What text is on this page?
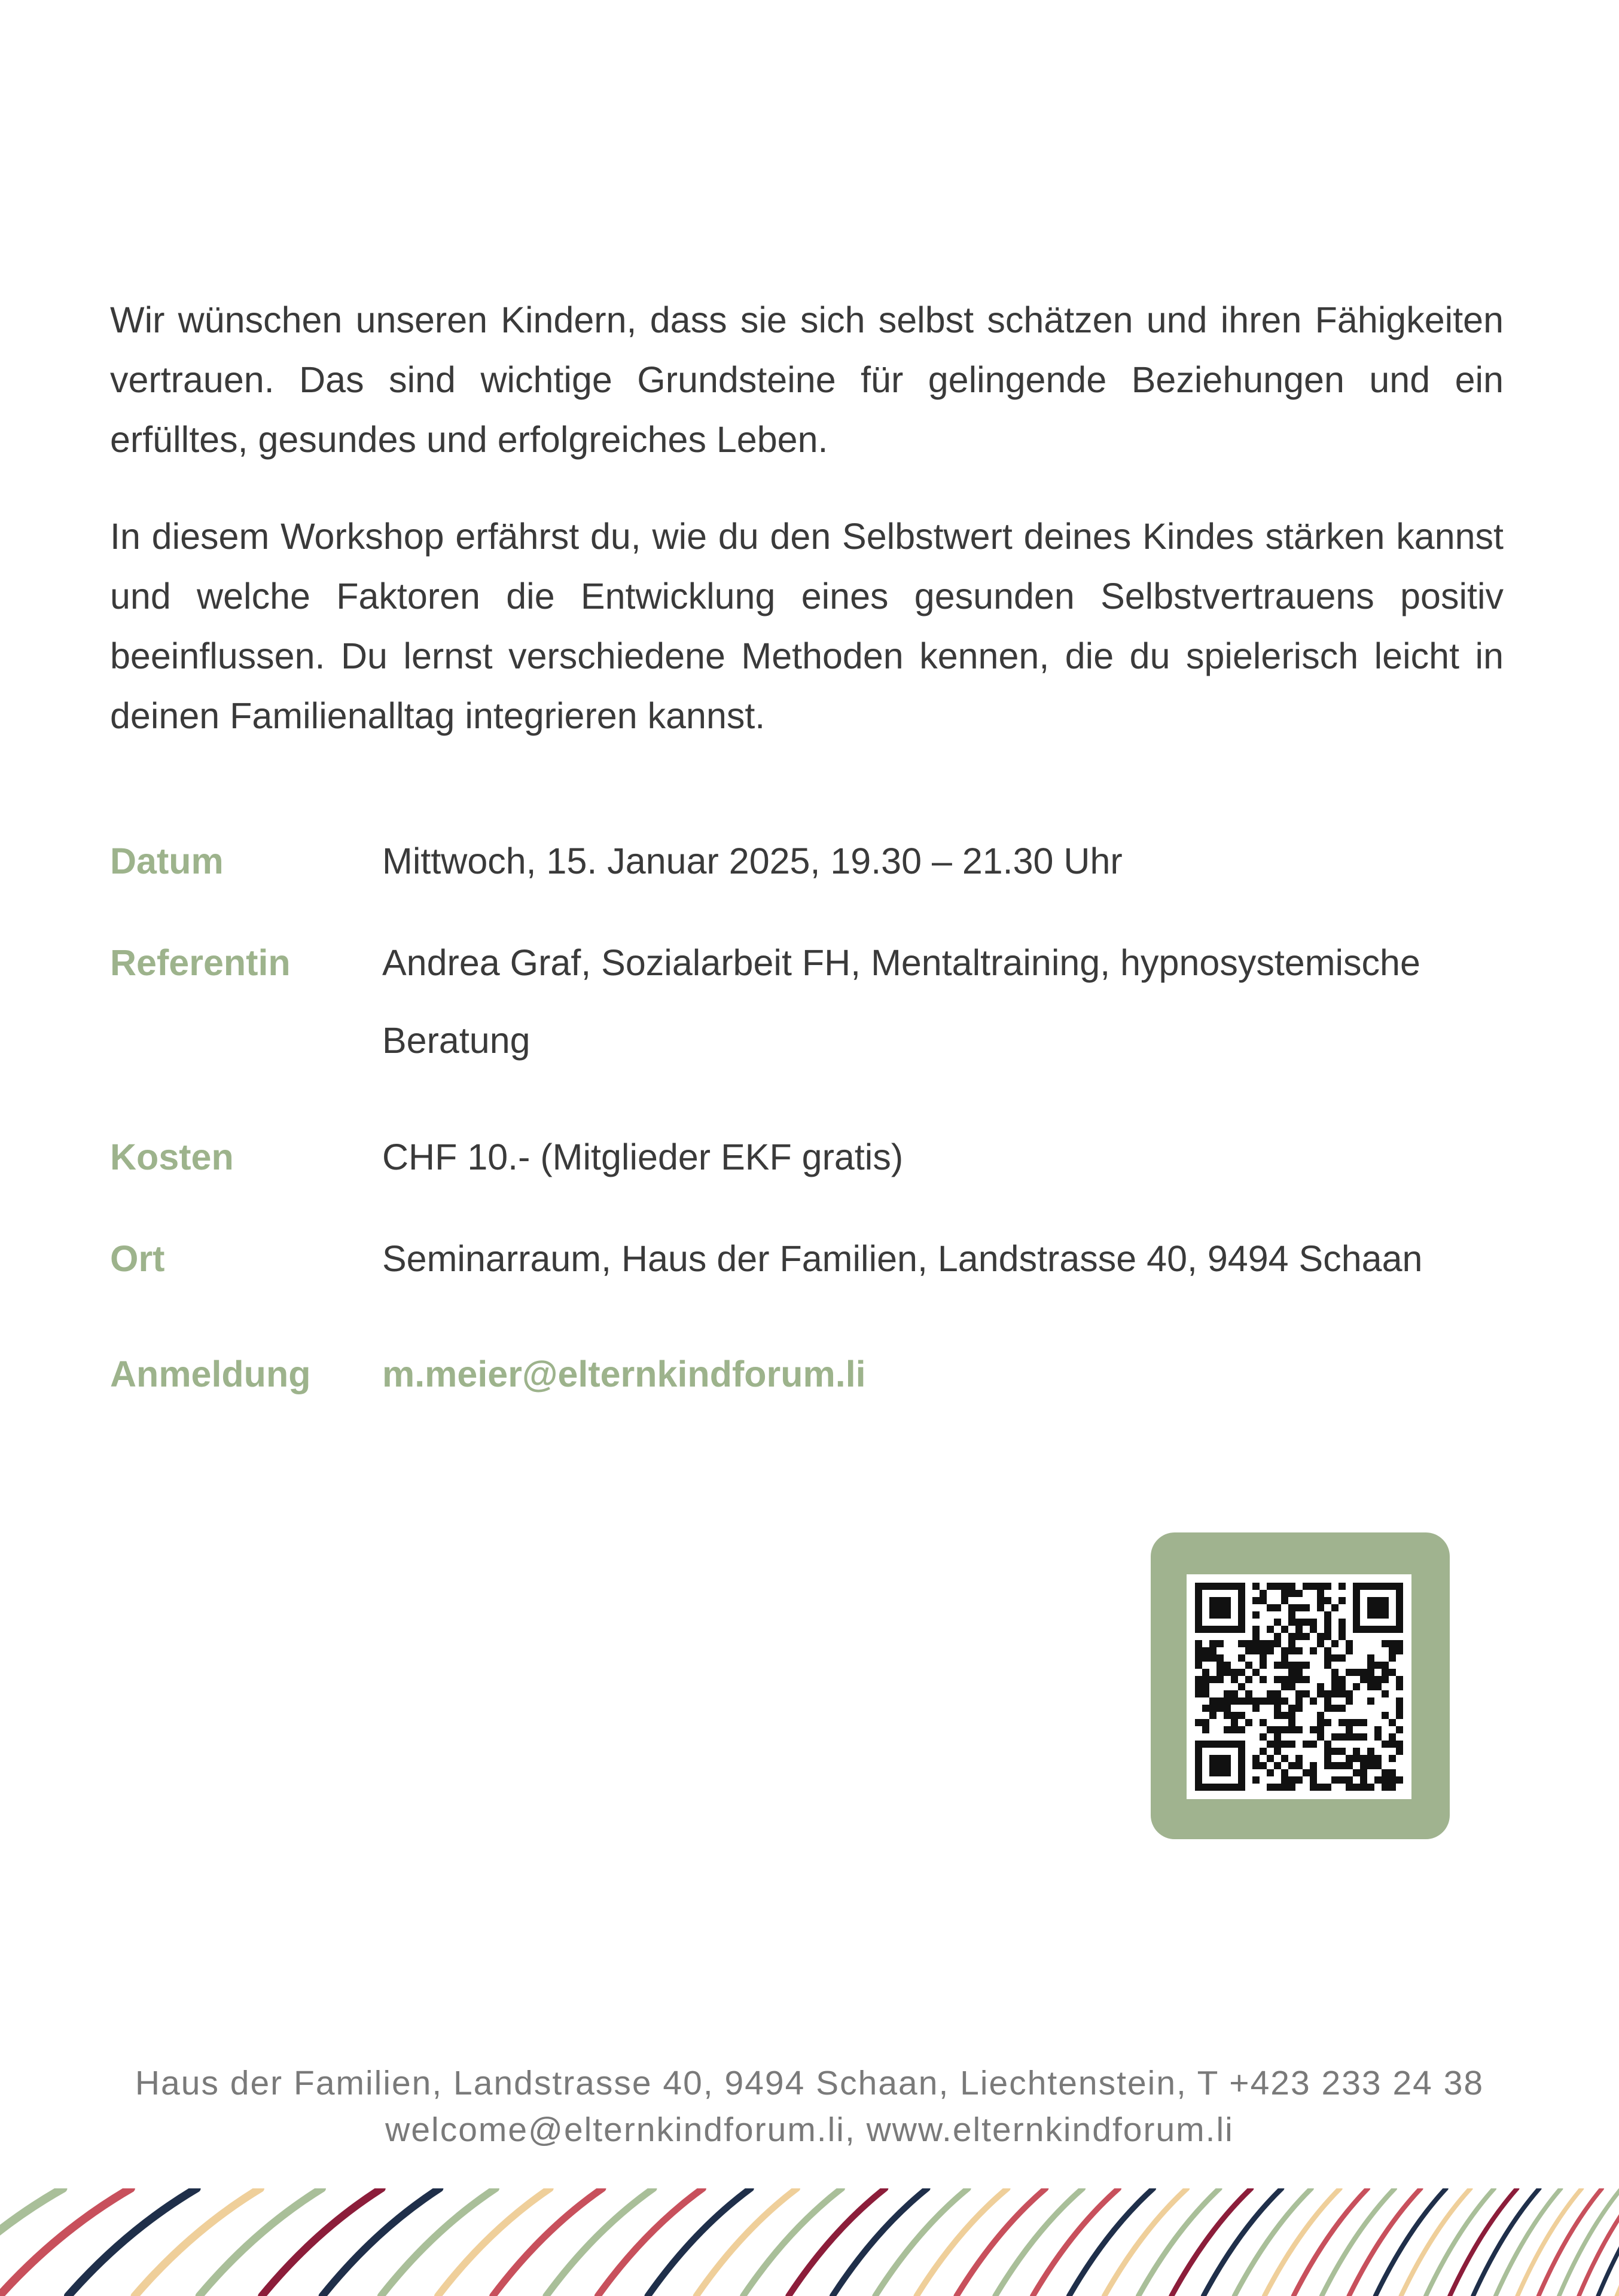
Wir wünschen unseren Kindern, dass sie sich selbst schätzen und ihren Fähigkeiten vertrauen. Das sind wichtige Grundsteine für gelingende Beziehungen und ein erfülltes, gesundes und erfolgreiches Leben.

In diesem Workshop erfährst du, wie du den Selbstwert deines Kindes stärken kannst und welche Faktoren die Entwicklung eines gesunden Selbstvertrauens positiv beeinflussen. Du lernst verschiedene Methoden kennen, die du spielerisch leicht in deinen Familienalltag integrieren kannst.

Datum	Mittwoch, 15. Januar 2025, 19.30 – 21.30 Uhr
Referentin	Andrea Graf, Sozialarbeit FH, Mentaltraining, hypnosystemische Beratung
Kosten	CHF 10.- (Mitglieder EKF gratis)
Ort	Seminarraum, Haus der Familien, Landstrasse 40, 9494 Schaan
Anmeldung m.meier@elternkindforum.li
Haus der Familien, Landstrasse 40, 9494 Schaan, Liechtenstein, T +423 233 24 38
welcome@elternkindforum.li, www.elternkindforum.li
